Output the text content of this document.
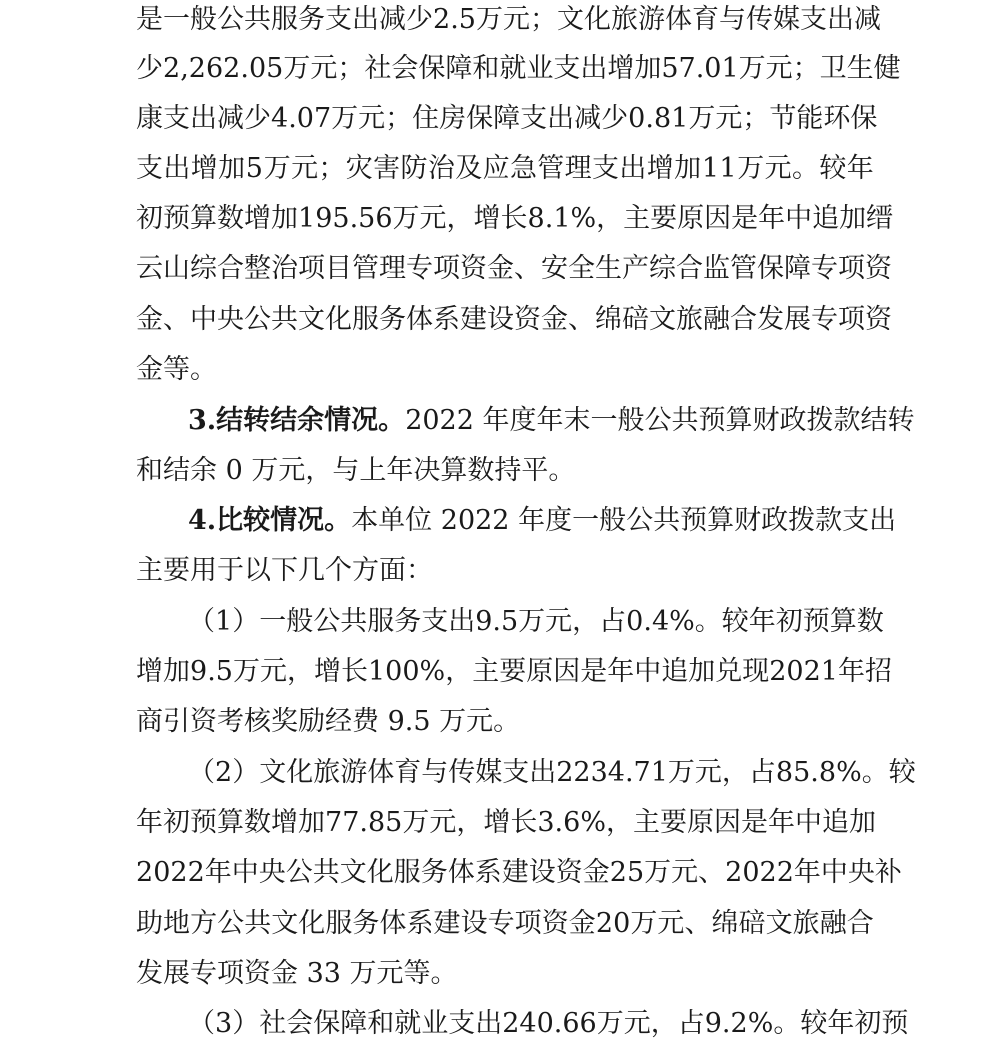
是 一 般 公 共 服 务 支 出 减 少
2 . 5
万 元 ； 文 化 旅 游 体 育 与 传 媒 支 出 减
少
2 , 2 6 2 . 0 5
万 元 ； 社 会 保 障 和 就 业 支 出 增 加
5 7 . 0 1
万 元 ； 卫 生 健
康 支 出 减 少
4 . 0 7
万 元 ； 住 房 保 障 支 出 减 少
0 . 8 1
万 元 ； 节 能 环 保
支 出 增 加
5
万 元 ； 灾 害 防 治 及 应 急 管 理 支 出 增 加
1 1
万 元 。 较 年
初 预 算 数 增 加
1 9 5 . 5 6
万 元 ， 增 长
8 . 1 % ， 主 要 原 因 是 年 中 追 加 缙
云 山 综 合 整 治 项 目 管 理 专 项 资 金 、 安 全 生 产 综 合 监 管 保 障 专 项 资
金 、 中 央 公 共 文 化 服 务 体 系 建 设 资 金 、 绵 碚 文 旅 融 合 发 展 专 项 资
金等。
3.结转结余情况。 2022 年度年末一般公共预算财政拨款结转
和结余 0 万元，与上年决算数持平。
4.比较情况。 本单位 2022 年度一般公共预算财政拨款支出
主要用于以下几个方面：
（ 1 ） 一 般 公 共 服 务 支 出
9 . 5
万 元 ， 占
0 . 4 % 。 较 年 初 预 算 数
增 加
9 . 5
万 元 ， 增 长
1 0 0 % ， 主 要 原 因 是 年 中 追 加 兑 现
2 0 2 1
年 招
商引资考核奖励经费 9.5 万元。
（ 2 ） 文 化 旅 游 体 育 与 传 媒 支 出
2 2 3 4 . 7 1
万 元 ， 占
8 5 . 8 % 。 较
年 初 预 算 数 增 加
7 7 . 8 5
万 元 ， 增 长
3 . 6 % ， 主 要 原 因 是 年 中 追 加
2 0 2 2
年 中 央 公 共 文 化 服 务 体 系 建 设 资 金
2 5
万 元 、 2 0 2 2
年 中 央 补
助 地 方 公 共 文 化 服 务 体 系 建 设 专 项 资 金
2 0
万 元 、 绵 碚 文 旅 融 合
发展专项资金 33 万元等。
（ 3 ） 社 会 保 障 和 就 业 支 出
2 4 0 . 6 6
万 元 ， 占
9 . 2 % 。 较 年 初 预
